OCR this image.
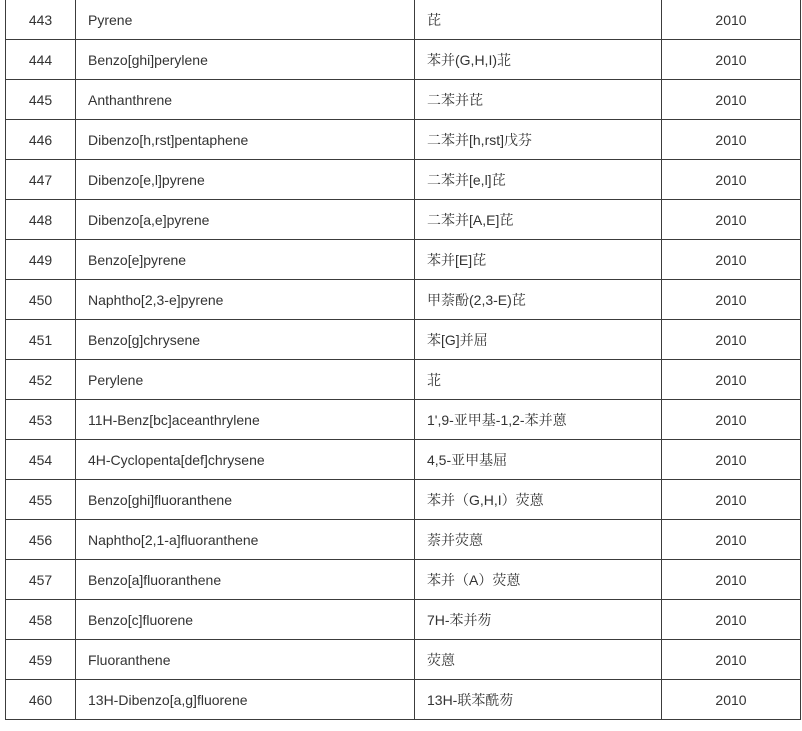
443	Pyrene	芘	2010
444	Benzo[ghi]perylene	苯并(G,H,I)苝	2010
445	Anthanthrene	二苯并芘	2010
446	Dibenzo[h,rst]pentaphene	二苯并[h,rst]戊芬	2010
447	Dibenzo[e,l]pyrene	二苯并[e,l]芘	2010
448	Dibenzo[a,e]pyrene	二苯并[A,E]芘	2010
449	Benzo[e]pyrene	苯并[E]芘	2010
450	Naphtho[2,3-e]pyrene	甲萘酚(2,3-E)芘	2010
451	Benzo[g]chrysene	苯[G]并屈	2010
452	Perylene	苝	2010
453	11H-Benz[bc]aceanthrylene	1',9-亚甲基-1,2-苯并蒽	2010
454	4H-Cyclopenta[def]chrysene	4,5-亚甲基屈	2010
455	Benzo[ghi]fluoranthene	苯并（G,H,I）荧蒽	2010
456	Naphtho[2,1-a]fluoranthene	萘并荧蒽	2010
457	Benzo[a]fluoranthene	苯并（A）荧蒽	2010
458	Benzo[c]fluorene	7H-苯并芴	2010
459	Fluoranthene	荧蒽	2010
460	13H-Dibenzo[a,g]fluorene	13H-联苯酰芴	2010
